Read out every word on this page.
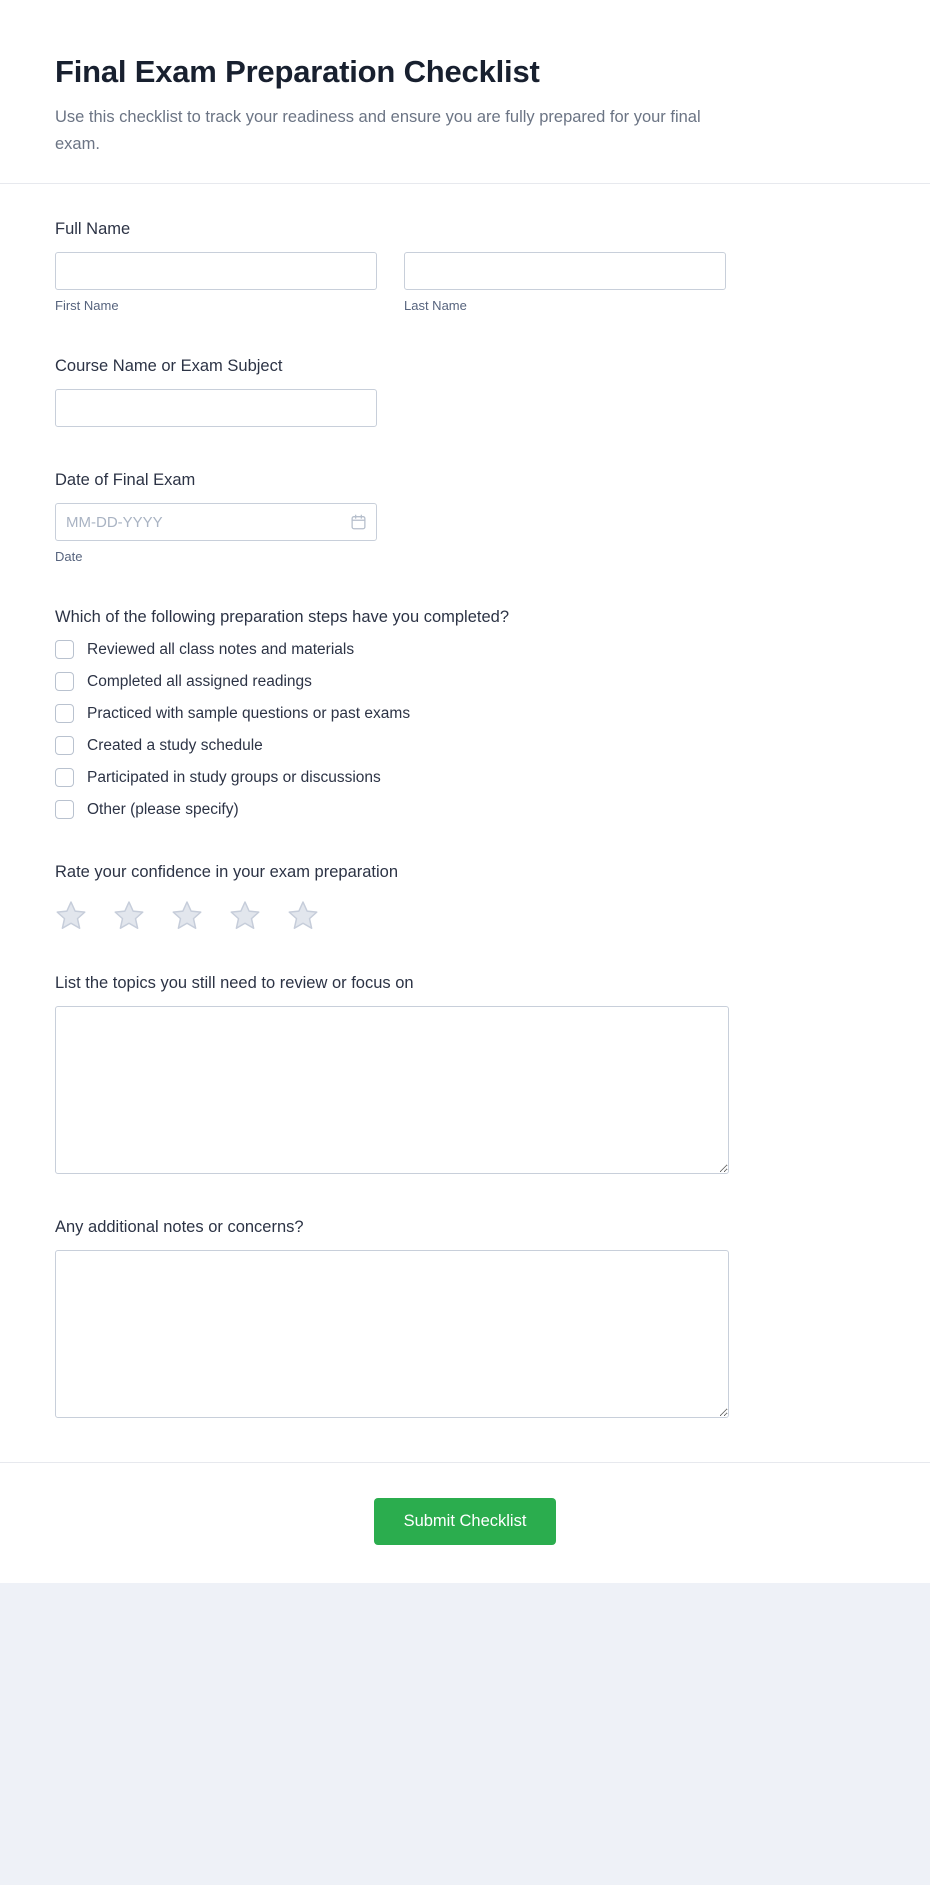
Final Exam Preparation Checklist

Use this checklist to track your readiness and ensure you are fully prepared for your final exam.

Full Name
First Name	Last Name
Course Name or Exam Subject
Date of Final Exam
MM-DD-YYYY
Date
Which of the following preparation steps have you completed?
Reviewed all class notes and materials
Completed all assigned readings
Practiced with sample questions or past exams
Created a study schedule
Participated in study groups or discussions
Other (please specify)
Rate your confidence in your exam preparation
List the topics you still need to review or focus on
Any additional notes or concerns?
Submit Checklist
